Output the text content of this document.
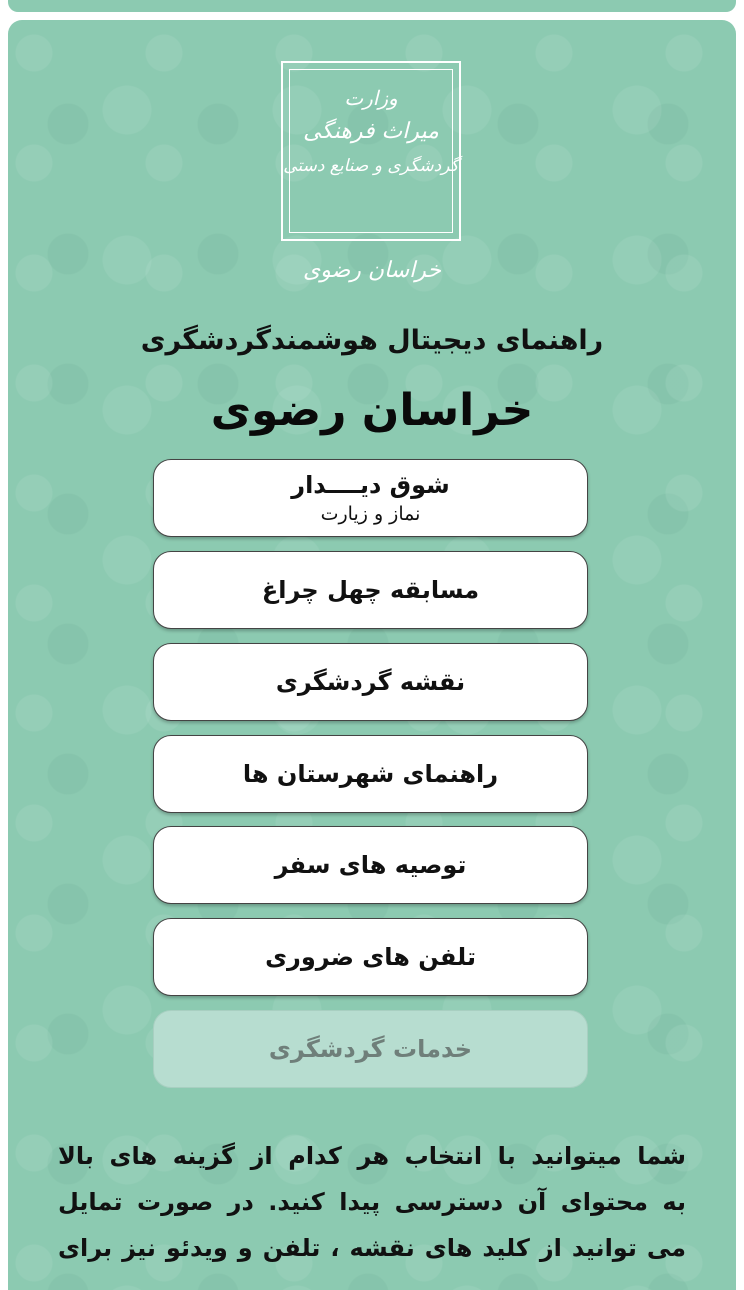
وزارت
میراث فرهنگی
گردشگری و صنایع دستی
خراسان رضوی
راهنمای دیجیتال هوشمندگردشگری
خراسان رضوی
شوق دیــــدار
نماز و زیارت
مسابقه چهل چراغ
نقشه گردشگری
راهنمای شهرستان ها
توصیه های سفر
تلفن های ضروری
خدمات گردشگری
شما میتوانید با انتخاب هر کدام از گزینه های بالا
به محتوای آن دسترسی پیدا کنید. در صورت تمایل
می توانید از کلید های نقشه ، تلفن و ویدئو نیز برای
